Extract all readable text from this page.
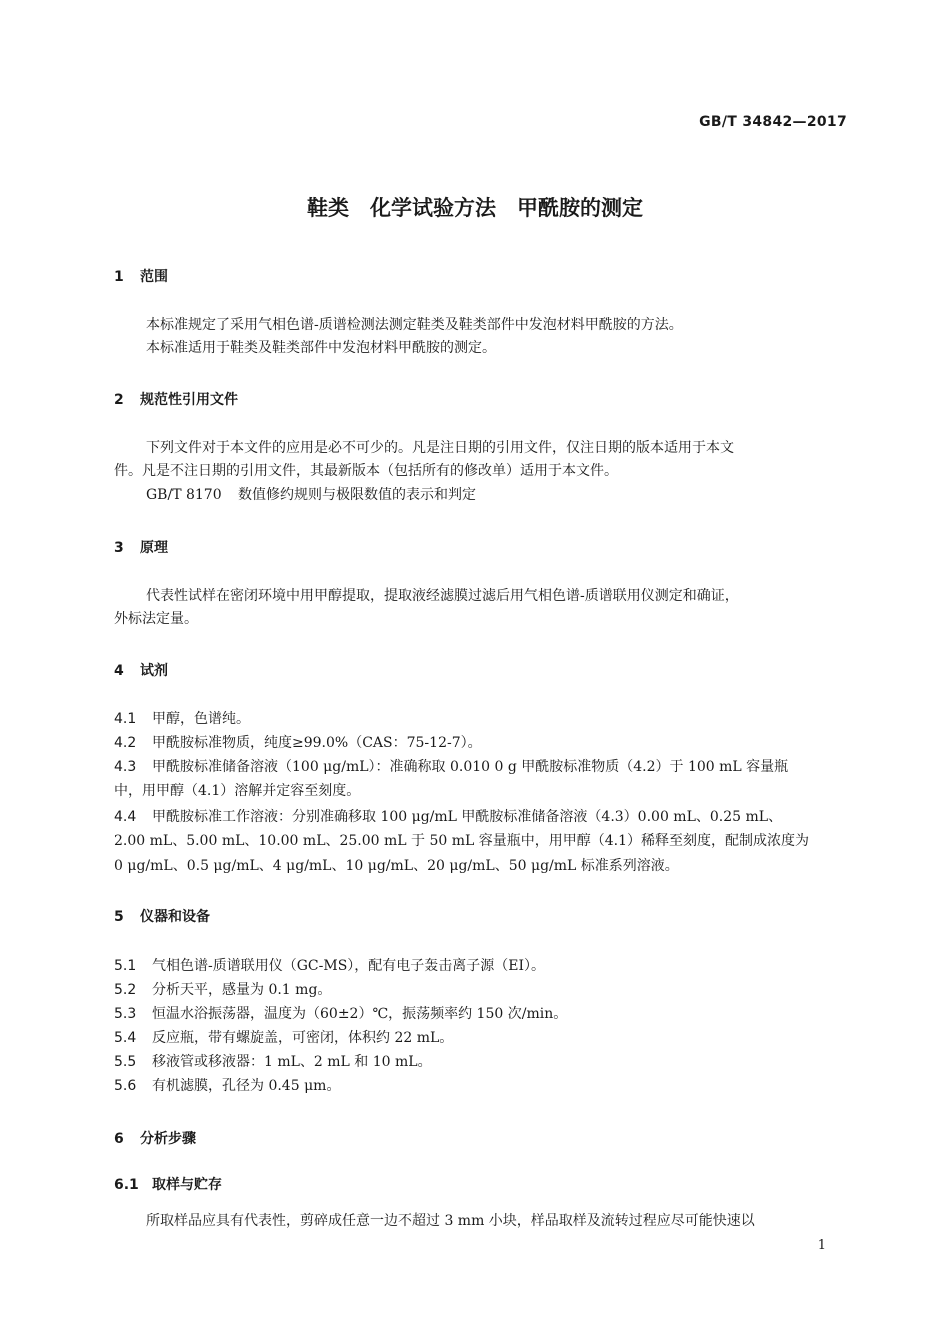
GB/T 34842—2017
鞋类　化学试验方法　甲酰胺的测定
1 范围
本标准规定了采用气相色谱-质谱检测法测定鞋类及鞋类部件中发泡材料甲酰胺的方法。
本标准适用于鞋类及鞋类部件中发泡材料甲酰胺的测定。
2 规范性引用文件
下列文件对于本文件的应用是必不可少的。凡是注日期的引用文件，仅注日期的版本适用于本文
件。凡是不注日期的引用文件，其最新版本（包括所有的修改单）适用于本文件。
GB/T 8170 数值修约规则与极限数值的表示和判定
3 原理
代表性试样在密闭环境中用甲醇提取，提取液经滤膜过滤后用气相色谱-质谱联用仪测定和确证，
外标法定量。
4 试剂
4.1 甲醇，色谱纯。
4.2 甲酰胺标准物质，纯度≥99.0%（CAS：75-12-7）。
4.3 甲酰胺标准储备溶液（100 μg/mL）：准确称取 0.010 0 g 甲酰胺标准物质（4.2）于 100 mL 容量瓶
中，用甲醇（4.1）溶解并定容至刻度。
4.4 甲酰胺标准工作溶液：分别准确移取 100 μg/mL 甲酰胺标准储备溶液（4.3）0.00 mL、0.25 mL、
2.00 mL、5.00 mL、10.00 mL、25.00 mL 于 50 mL 容量瓶中，用甲醇（4.1）稀释至刻度，配制成浓度为
0 μg/mL、0.5 μg/mL、4 μg/mL、10 μg/mL、20 μg/mL、50 μg/mL 标准系列溶液。
5 仪器和设备
5.1 气相色谱-质谱联用仪（GC-MS），配有电子轰击离子源（EI）。
5.2 分析天平，感量为 0.1 mg。
5.3 恒温水浴振荡器，温度为（60±2）℃，振荡频率约 150 次/min。
5.4 反应瓶，带有螺旋盖，可密闭，体积约 22 mL。
5.5 移液管或移液器：1 mL、2 mL 和 10 mL。
5.6 有机滤膜，孔径为 0.45 μm。
6 分析步骤
6.1 取样与贮存
所取样品应具有代表性，剪碎成任意一边不超过 3 mm 小块，样品取样及流转过程应尽可能快速以
1
